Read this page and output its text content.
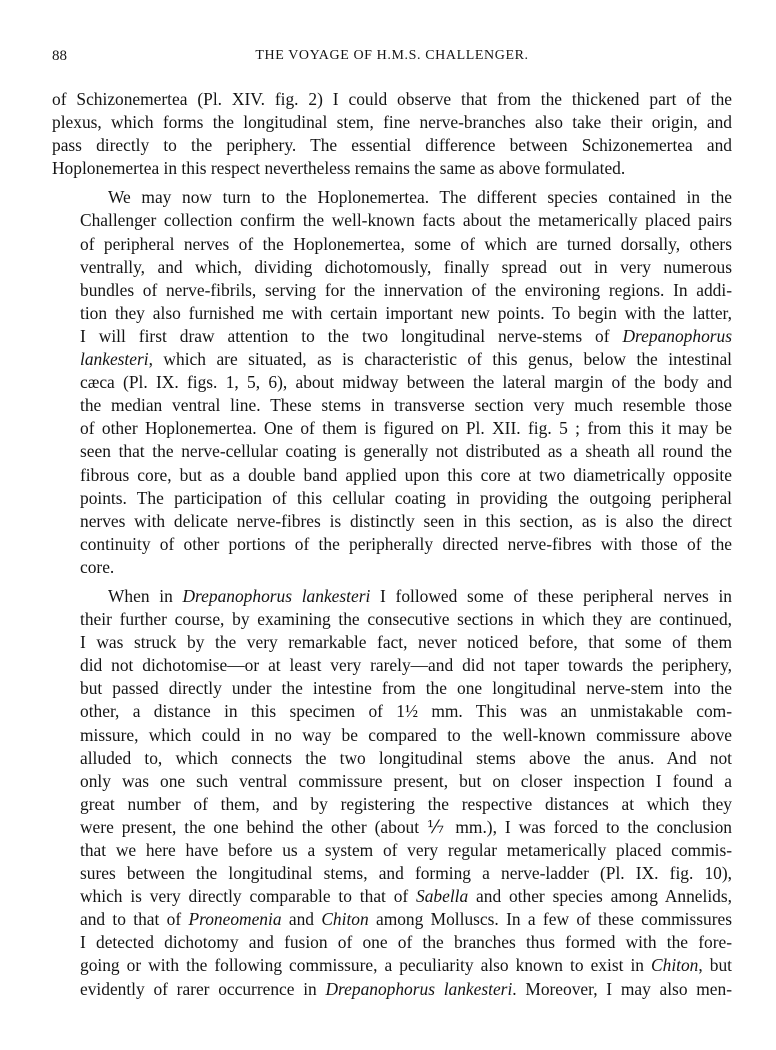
88	THE VOYAGE OF H.M.S. CHALLENGER.
of Schizonemertea (Pl. XIV. fig. 2) I could observe that from the thickened part of the
plexus, which forms the longitudinal stem, fine nerve-branches also take their origin, and
pass directly to the periphery. The essential difference between Schizonemertea and
Hoplonemertea in this respect nevertheless remains the same as above formulated.
We may now turn to the Hoplonemertea. The different species contained in the
Challenger collection confirm the well-known facts about the metamerically placed pairs
of peripheral nerves of the Hoplonemertea, some of which are turned dorsally, others
ventrally, and which, dividing dichotomously, finally spread out in very numerous
bundles of nerve-fibrils, serving for the innervation of the environing regions. In addi-
tion they also furnished me with certain important new points. To begin with the latter,
I will first draw attention to the two longitudinal nerve-stems of Drepanophorus
lankesteri, which are situated, as is characteristic of this genus, below the intestinal
cæca (Pl. IX. figs. 1, 5, 6), about midway between the lateral margin of the body and
the median ventral line. These stems in transverse section very much resemble those
of other Hoplonemertea. One of them is figured on Pl. XII. fig. 5 ; from this it may be
seen that the nerve-cellular coating is generally not distributed as a sheath all round the
fibrous core, but as a double band applied upon this core at two diametrically opposite
points. The participation of this cellular coating in providing the outgoing peripheral
nerves with delicate nerve-fibres is distinctly seen in this section, as is also the direct
continuity of other portions of the peripherally directed nerve-fibres with those of the
core.
When in Drepanophorus lankesteri I followed some of these peripheral nerves in
their further course, by examining the consecutive sections in which they are continued,
I was struck by the very remarkable fact, never noticed before, that some of them
did not dichotomise—or at least very rarely—and did not taper towards the periphery,
but passed directly under the intestine from the one longitudinal nerve-stem into the
other, a distance in this specimen of 1½ mm. This was an unmistakable com-
missure, which could in no way be compared to the well-known commissure above
alluded to, which connects the two longitudinal stems above the anus. And not
only was one such ventral commissure present, but on closer inspection I found a
great number of them, and by registering the respective distances at which they
were present, the one behind the other (about ⅐ mm.), I was forced to the conclusion
that we here have before us a system of very regular metamerically placed commis-
sures between the longitudinal stems, and forming a nerve-ladder (Pl. IX. fig. 10),
which is very directly comparable to that of Sabella and other species among Annelids,
and to that of Proneomenia and Chiton among Molluscs. In a few of these commissures
I detected dichotomy and fusion of one of the branches thus formed with the fore-
going or with the following commissure, a peculiarity also known to exist in Chiton, but
evidently of rarer occurrence in Drepanophorus lankesteri. Moreover, I may also men-
